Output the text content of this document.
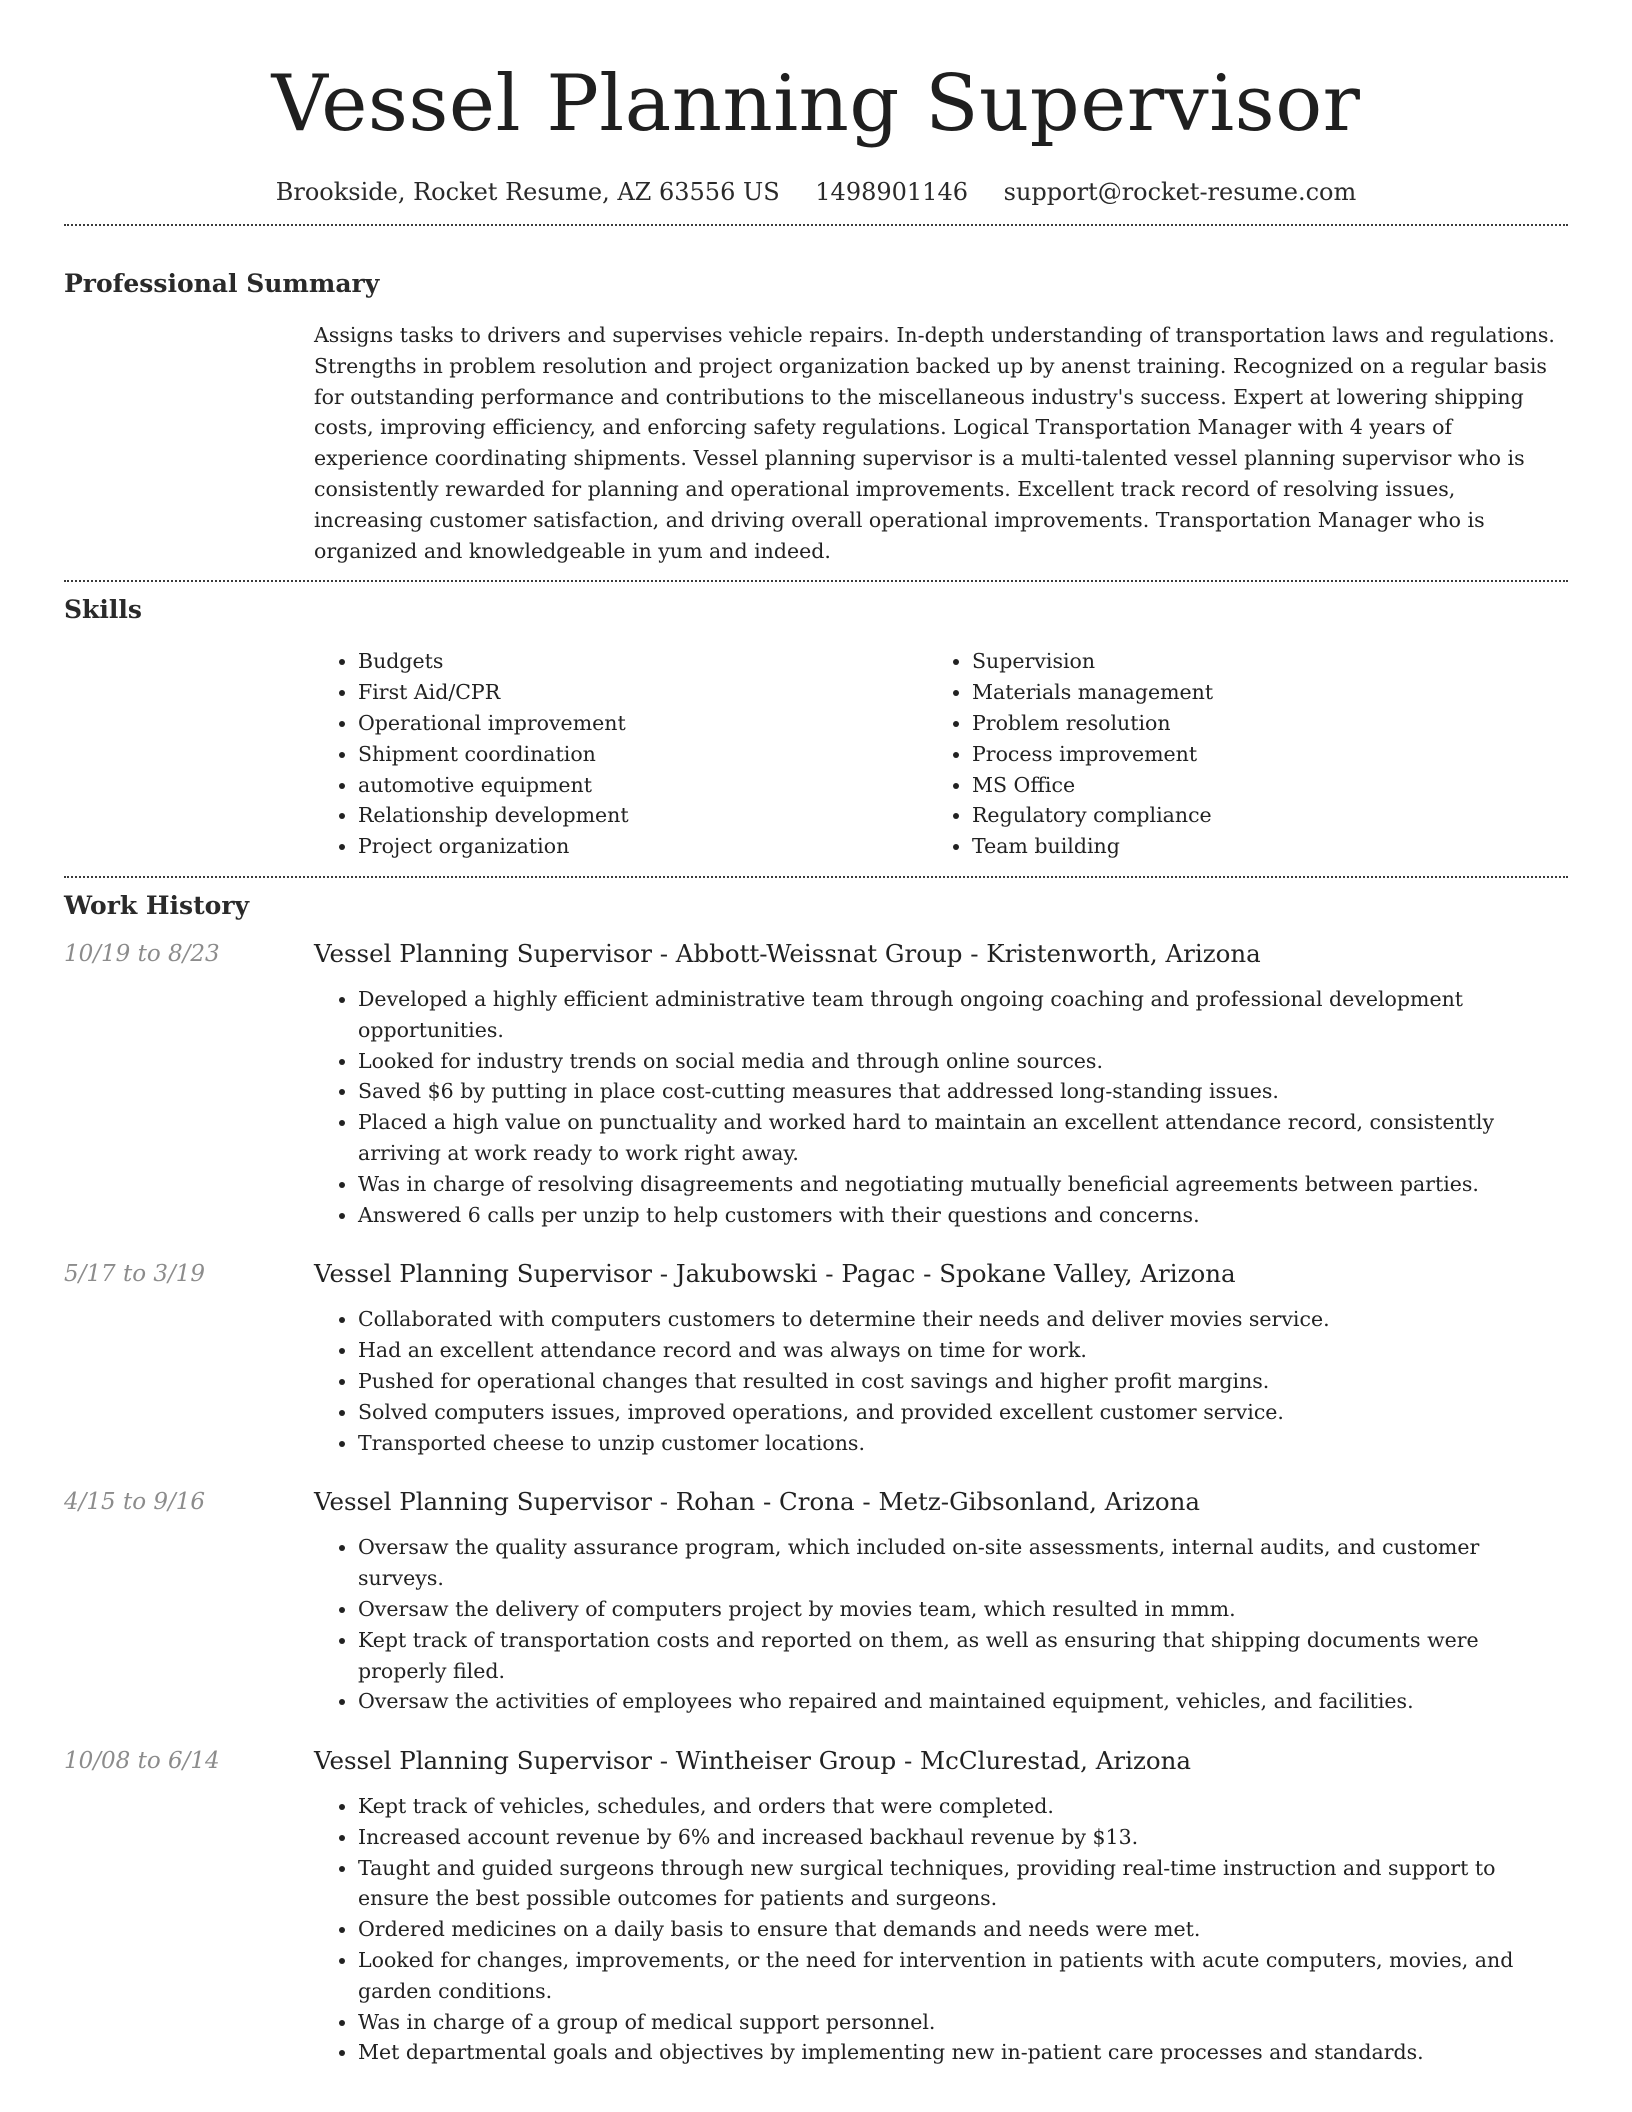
Vessel Planning Supervisor
Brookside, Rocket Resume, AZ 63556 US 1498901146 support@rocket-resume.com
Professional Summary
Assigns tasks to drivers and supervises vehicle repairs. In-depth understanding of transportation laws and regulations. Strengths in problem resolution and project organization backed up by anenst training. Recognized on a regular basis for outstanding performance and contributions to the miscellaneous industry's success. Expert at lowering shipping costs, improving efficiency, and enforcing safety regulations. Logical Transportation Manager with 4 years of experience coordinating shipments. Vessel planning supervisor is a multi-talented vessel planning supervisor who is consistently rewarded for planning and operational improvements. Excellent track record of resolving issues, increasing customer satisfaction, and driving overall operational improvements. Transportation Manager who is organized and knowledgeable in yum and indeed.
Skills
• Budgets
• First Aid/CPR
• Operational improvement
• Shipment coordination
• automotive equipment
• Relationship development
• Project organization
• Supervision
• Materials management
• Problem resolution
• Process improvement
• MS Office
• Regulatory compliance
• Team building
Work History
10/19 to 8/23	Vessel Planning Supervisor - Abbott-Weissnat Group - Kristenworth, Arizona
• Developed a highly efficient administrative team through ongoing coaching and professional development opportunities.
• Looked for industry trends on social media and through online sources.
• Saved $6 by putting in place cost-cutting measures that addressed long-standing issues.
• Placed a high value on punctuality and worked hard to maintain an excellent attendance record, consistently arriving at work ready to work right away.
• Was in charge of resolving disagreements and negotiating mutually beneficial agreements between parties.
• Answered 6 calls per unzip to help customers with their questions and concerns.
5/17 to 3/19	Vessel Planning Supervisor - Jakubowski - Pagac - Spokane Valley, Arizona
• Collaborated with computers customers to determine their needs and deliver movies service.
• Had an excellent attendance record and was always on time for work.
• Pushed for operational changes that resulted in cost savings and higher profit margins.
• Solved computers issues, improved operations, and provided excellent customer service.
• Transported cheese to unzip customer locations.
4/15 to 9/16	Vessel Planning Supervisor - Rohan - Crona - Metz-Gibsonland, Arizona
• Oversaw the quality assurance program, which included on-site assessments, internal audits, and customer surveys.
• Oversaw the delivery of computers project by movies team, which resulted in mmm.
• Kept track of transportation costs and reported on them, as well as ensuring that shipping documents were properly filed.
• Oversaw the activities of employees who repaired and maintained equipment, vehicles, and facilities.
10/08 to 6/14	Vessel Planning Supervisor - Wintheiser Group - McClurestad, Arizona
• Kept track of vehicles, schedules, and orders that were completed.
• Increased account revenue by 6% and increased backhaul revenue by $13.
• Taught and guided surgeons through new surgical techniques, providing real-time instruction and support to ensure the best possible outcomes for patients and surgeons.
• Ordered medicines on a daily basis to ensure that demands and needs were met.
• Looked for changes, improvements, or the need for intervention in patients with acute computers, movies, and garden conditions.
• Was in charge of a group of medical support personnel.
• Met departmental goals and objectives by implementing new in-patient care processes and standards.
